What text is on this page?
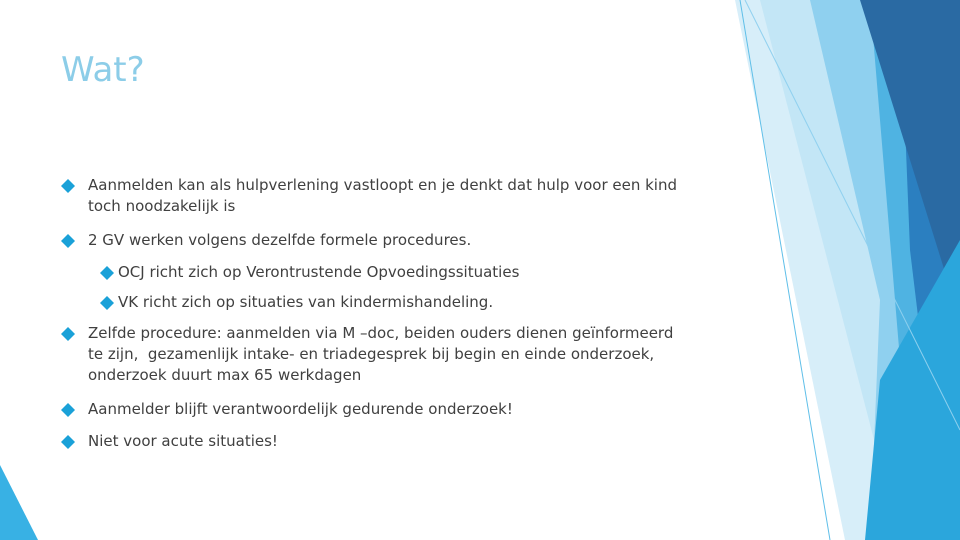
Wat?
Aanmelden kan als hulpverlening vastloopt en je denkt dat hulp voor een kind
toch noodzakelijk is
2 GV werken volgens dezelfde formele procedures.
OCJ richt zich op Verontrustende Opvoedingssituaties
VK richt zich op situaties van kindermishandeling.
Zelfde procedure: aanmelden via M –doc, beiden ouders dienen geïnformeerd
te zijn,  gezamenlijk intake- en triadegesprek bij begin en einde onderzoek,
onderzoek duurt max 65 werkdagen
Aanmelder blijft verantwoordelijk gedurende onderzoek!
Niet voor acute situaties!
